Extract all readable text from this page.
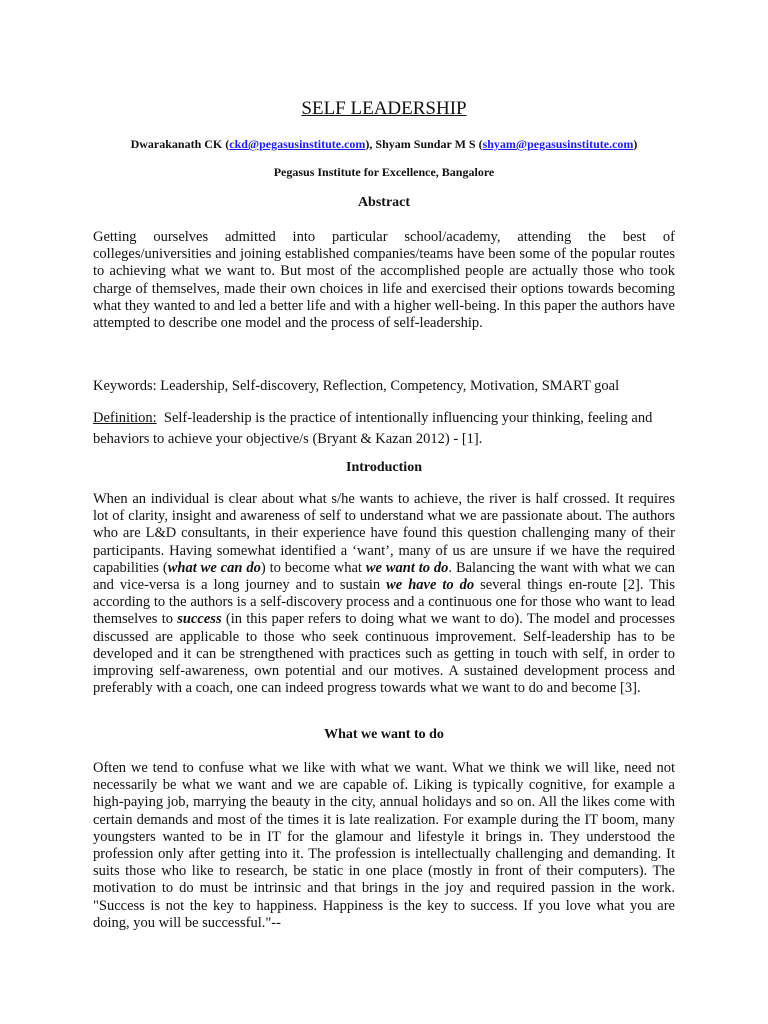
SELF LEADERSHIP
Dwarakanath CK (ckd@pegasusinstitute.com), Shyam Sundar M S (shyam@pegasusinstitute.com)
Pegasus Institute for Excellence, Bangalore
Abstract

Getting ourselves admitted into particular school/academy, attending the best of colleges/universities and joining established companies/teams have been some of the popular routes to achieving what we want to. But most of the accomplished people are actually those who took charge of themselves, made their own choices in life and exercised their options towards becoming what they wanted to and led a better life and with a higher well-being. In this paper the authors have attempted to describe one model and the process of self-leadership.

Keywords: Leadership, Self-discovery, Reflection, Competency, Motivation, SMART goal

Definition: Self-leadership is the practice of intentionally influencing your thinking, feeling and behaviors to achieve your objective/s (Bryant & Kazan 2012) - [1].

Introduction

When an individual is clear about what s/he wants to achieve, the river is half crossed. It requires lot of clarity, insight and awareness of self to understand what we are passionate about. The authors who are L&D consultants, in their experience have found this question challenging many of their participants. Having somewhat identified a ‘want’, many of us are unsure if we have the required capabilities (what we can do) to become what we want to do. Balancing the want with what we can and vice-versa is a long journey and to sustain we have to do several things en-route [2]. This according to the authors is a self-discovery process and a continuous one for those who want to lead themselves to success (in this paper refers to doing what we want to do). The model and processes discussed are applicable to those who seek continuous improvement. Self-leadership has to be developed and it can be strengthened with practices such as getting in touch with self, in order to improving self-awareness, own potential and our motives. A sustained development process and preferably with a coach, one can indeed progress towards what we want to do and become [3].

What we want to do

Often we tend to confuse what we like with what we want. What we think we will like, need not necessarily be what we want and we are capable of. Liking is typically cognitive, for example a high-paying job, marrying the beauty in the city, annual holidays and so on. All the likes come with certain demands and most of the times it is late realization. For example during the IT boom, many youngsters wanted to be in IT for the glamour and lifestyle it brings in. They understood the profession only after getting into it. The profession is intellectually challenging and demanding. It suits those who like to research, be static in one place (mostly in front of their computers). The motivation to do must be intrinsic and that brings in the joy and required passion in the work. "Success is not the key to happiness. Happiness is the key to success. If you love what you are doing, you will be successful."--
